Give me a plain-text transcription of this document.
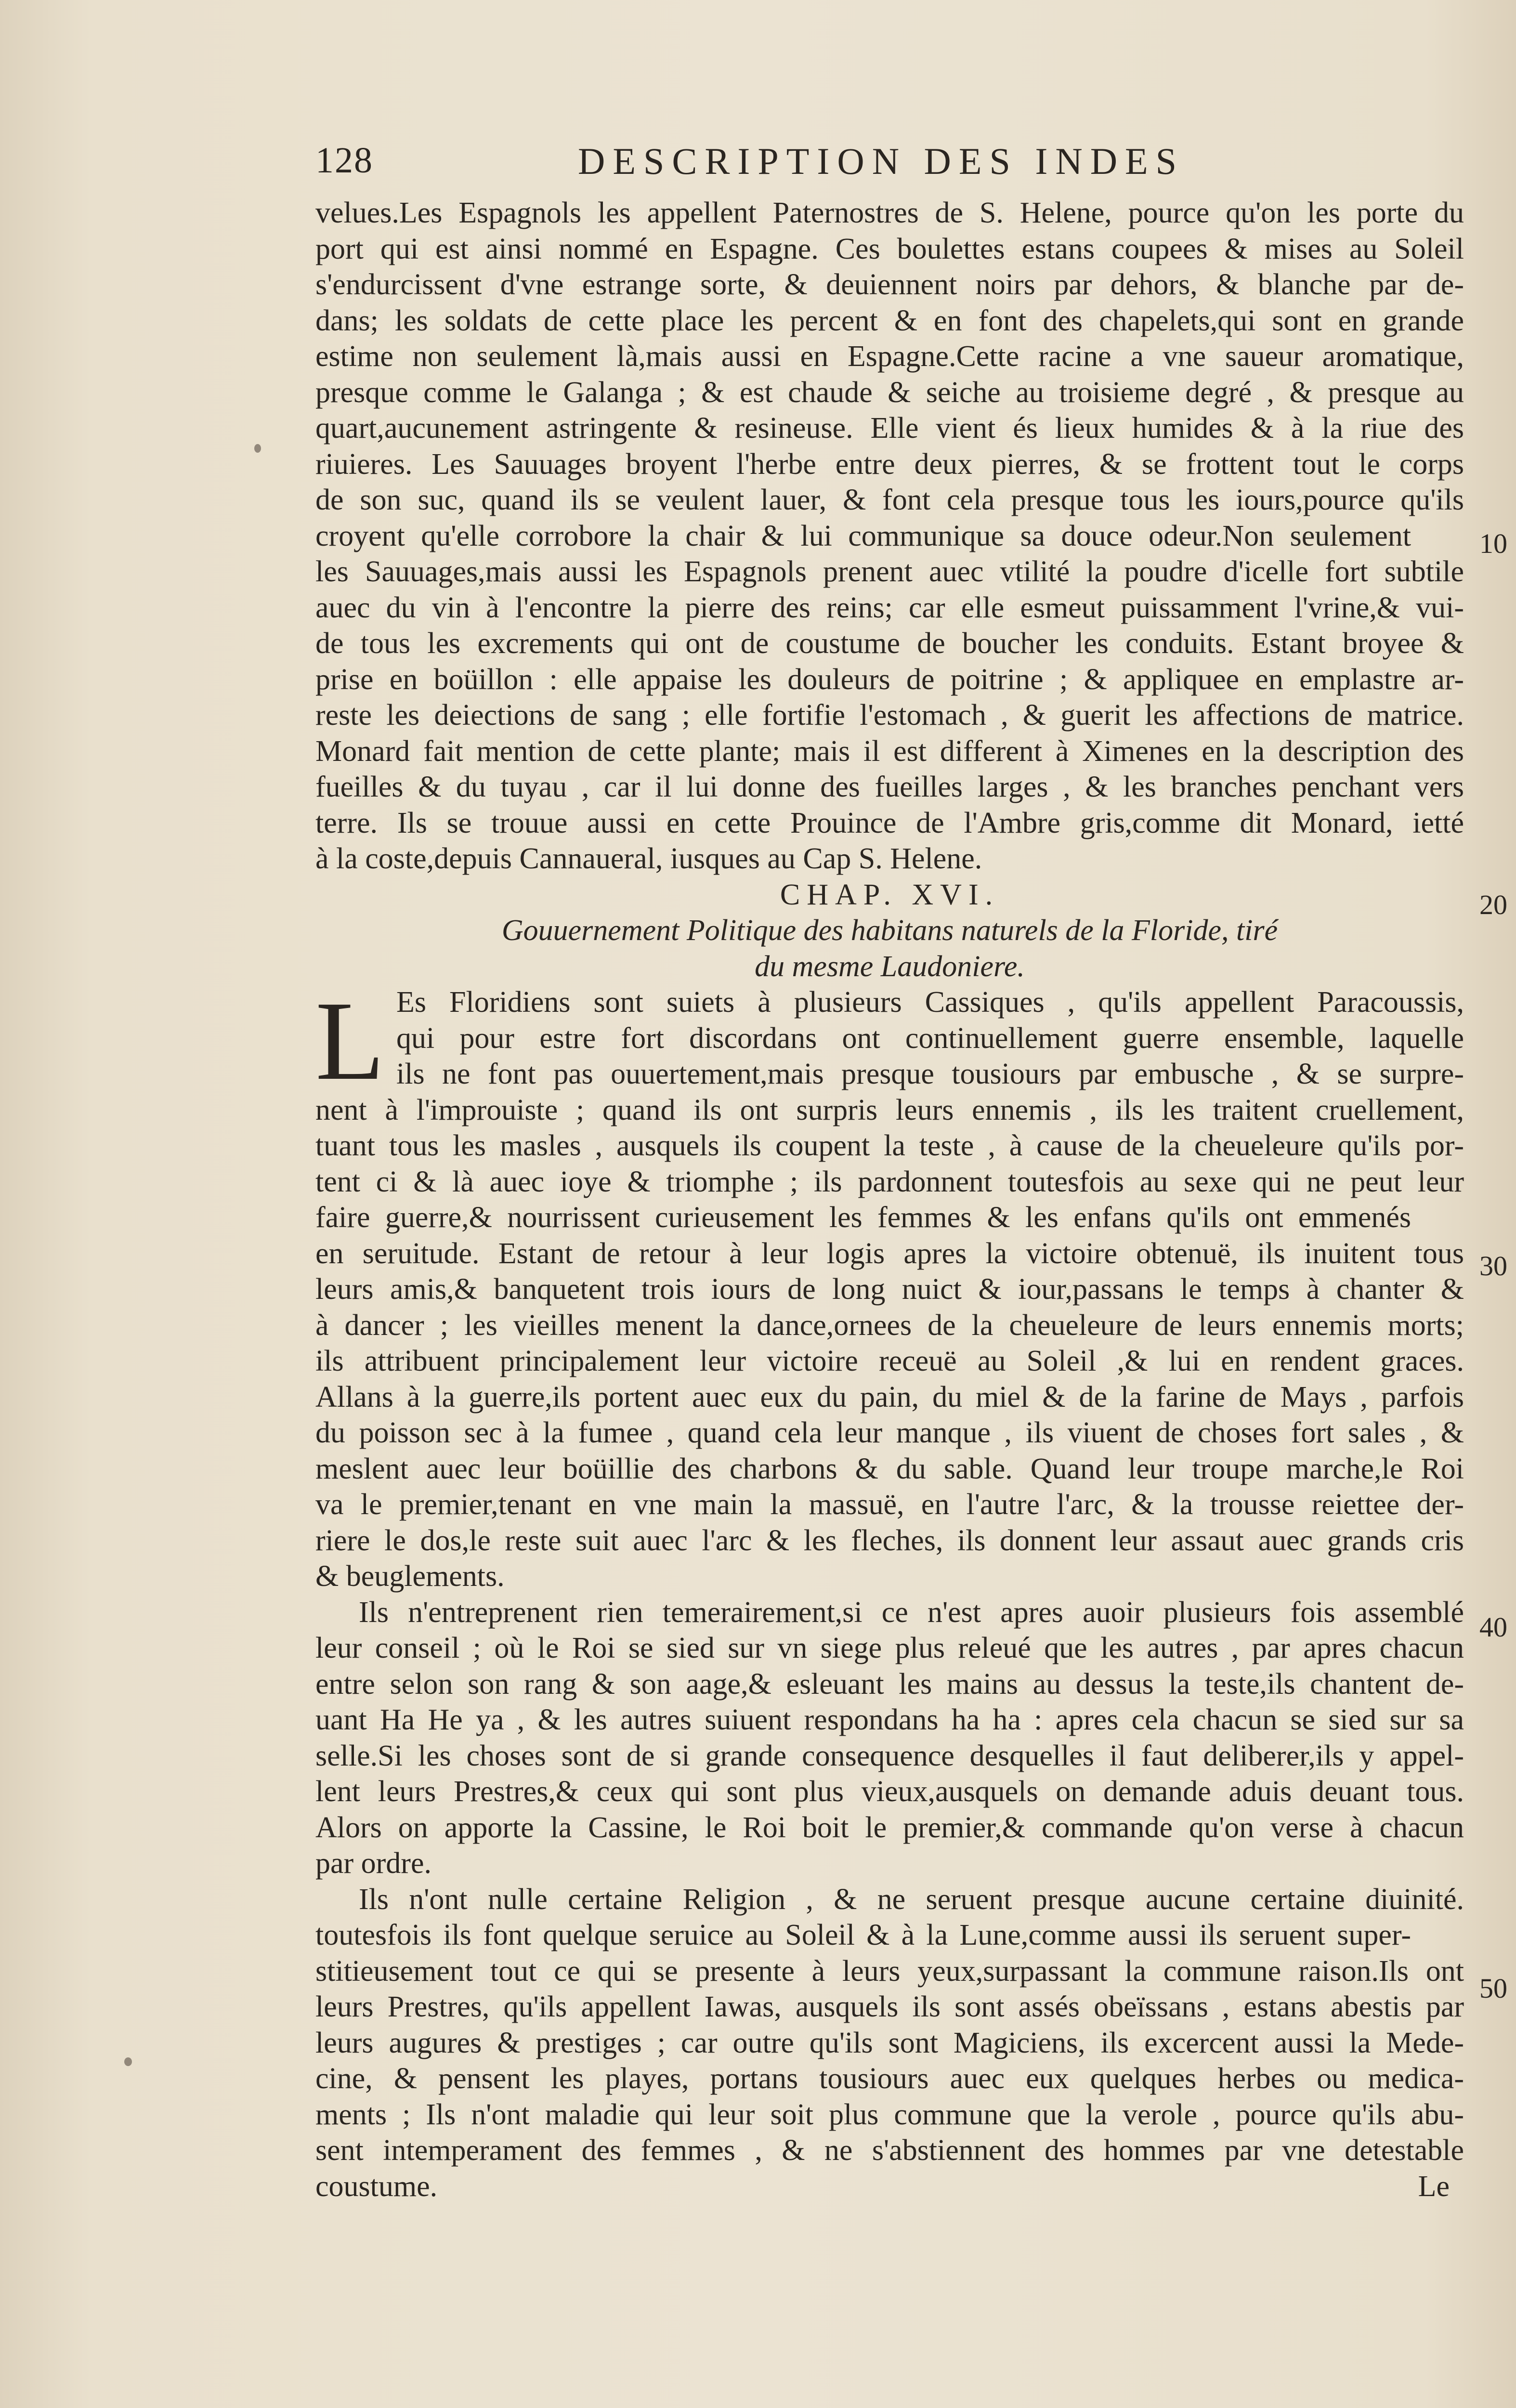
128	DESCRIPTION DES INDES
velues.Les Espagnols les appellent Paternostres de S. Helene, pource qu'on les porte du
port qui est ainsi nommé en Espagne. Ces boulettes estans coupees & mises au Soleil
s'endurcissent d'vne estrange sorte, & deuiennent noirs par dehors, & blanche par de-
dans; les soldats de cette place les percent & en font des chapelets,qui sont en grande
estime non seulement là,mais aussi en Espagne.Cette racine a vne saueur aromatique,
presque comme le Galanga ; & est chaude & seiche au troisieme degré , & presque au
quart,aucunement astringente & resineuse. Elle vient és lieux humides & à la riue des
riuieres. Les Sauuages broyent l'herbe entre deux pierres, & se frottent tout le corps
de son suc, quand ils se veulent lauer, & font cela presque tous les iours,pource qu'ils
croyent qu'elle corrobore la chair & lui communique sa douce odeur.Non seulement
les Sauuages,mais aussi les Espagnols prenent auec vtilité la poudre d'icelle fort subtile
auec du vin à l'encontre la pierre des reins; car elle esmeut puissamment l'vrine,& vui-
de tous les excrements qui ont de coustume de boucher les conduits. Estant broyee &
prise en boüillon : elle appaise les douleurs de poitrine ; & appliquee en emplastre ar-
reste les deiections de sang ; elle fortifie l'estomach , & guerit les affections de matrice.
Monard fait mention de cette plante; mais il est different à Ximenes en la description des
fueilles & du tuyau , car il lui donne des fueilles larges , & les branches penchant vers
terre. Ils se trouue aussi en cette Prouince de l'Ambre gris,comme dit Monard, ietté
à la coste,depuis Cannaueral, iusques au Cap S. Helene.
CHAP. XVI.
Gouuernement Politique des habitans naturels de la Floride, tiré
du mesme Laudoniere.
L Es Floridiens sont suiets à plusieurs Cassiques , qu'ils appellent Paracoussis,
qui pour estre fort discordans ont continuellement guerre ensemble, laquelle
ils ne font pas ouuertement,mais presque tousiours par embusche , & se surpre-
nent à l'improuiste ; quand ils ont surpris leurs ennemis , ils les traitent cruellement,
tuant tous les masles , ausquels ils coupent la teste , à cause de la cheueleure qu'ils por-
tent ci & là auec ioye & triomphe ; ils pardonnent toutesfois au sexe qui ne peut leur
faire guerre,& nourrissent curieusement les femmes & les enfans qu'ils ont emmenés
en seruitude. Estant de retour à leur logis apres la victoire obtenuë, ils inuitent tous
leurs amis,& banquetent trois iours de long nuict & iour,passans le temps à chanter &
à dancer ; les vieilles menent la dance,ornees de la cheueleure de leurs ennemis morts;
ils attribuent principalement leur victoire receuë au Soleil ,& lui en rendent graces.
Allans à la guerre,ils portent auec eux du pain, du miel & de la farine de Mays , parfois
du poisson sec à la fumee , quand cela leur manque , ils viuent de choses fort sales , &
meslent auec leur boüillie des charbons & du sable. Quand leur troupe marche,le Roi
va le premier,tenant en vne main la massuë, en l'autre l'arc, & la trousse reiettee der-
riere le dos,le reste suit auec l'arc & les fleches, ils donnent leur assaut auec grands cris
& beuglements.
Ils n'entreprenent rien temerairement,si ce n'est apres auoir plusieurs fois assemblé
leur conseil ; où le Roi se sied sur vn siege plus releué que les autres , par apres chacun
entre selon son rang & son aage,& esleuant les mains au dessus la teste,ils chantent de-
uant Ha He ya , & les autres suiuent respondans ha ha : apres cela chacun se sied sur sa
selle.Si les choses sont de si grande consequence desquelles il faut deliberer,ils y appel-
lent leurs Prestres,& ceux qui sont plus vieux,ausquels on demande aduis deuant tous.
Alors on apporte la Cassine, le Roi boit le premier,& commande qu'on verse à chacun
par ordre.
Ils n'ont nulle certaine Religion , & ne seruent presque aucune certaine diuinité.
toutesfois ils font quelque seruice au Soleil & à la Lune,comme aussi ils seruent super-
stitieusement tout ce qui se presente à leurs yeux,surpassant la commune raison.Ils ont
leurs Prestres, qu'ils appellent Iawas, ausquels ils sont assés obeïssans , estans abestis par
leurs augures & prestiges ; car outre qu'ils sont Magiciens, ils excercent aussi la Mede-
cine, & pensent les playes, portans tousiours auec eux quelques herbes ou medica-
ments ; Ils n'ont maladie qui leur soit plus commune que la verole , pource qu'ils abu-
sent intemperament des femmes , & ne s'abstiennent des hommes par vne detestable
coustume.	Le
10
20
30
40
50
